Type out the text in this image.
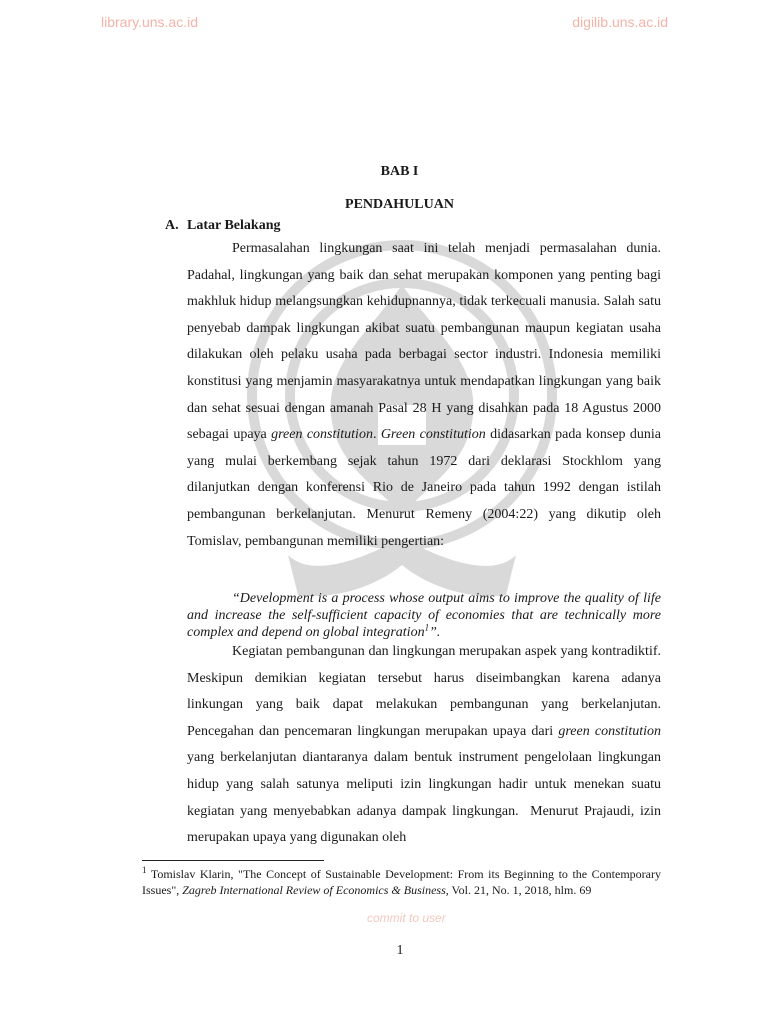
library.uns.ac.id	digilib.uns.ac.id
BAB I
PENDAHULUAN
A. Latar Belakang

Permasalahan lingkungan saat ini telah menjadi permasalahan dunia. Padahal, lingkungan yang baik dan sehat merupakan komponen yang penting bagi makhluk hidup melangsungkan kehidupnannya, tidak terkecuali manusia. Salah satu penyebab dampak lingkungan akibat suatu pembangunan maupun kegiatan usaha dilakukan oleh pelaku usaha pada berbagai sector industri. Indonesia memiliki konstitusi yang menjamin masyarakatnya untuk mendapatkan lingkungan yang baik dan sehat sesuai dengan amanah Pasal 28 H yang disahkan pada 18 Agustus 2000 sebagai upaya green constitution. Green constitution didasarkan pada konsep dunia yang mulai berkembang sejak tahun 1972 dari deklarasi Stockhlom yang dilanjutkan dengan konferensi Rio de Janeiro pada tahun 1992 dengan istilah pembangunan berkelanjutan. Menurut Remeny (2004:22) yang dikutip oleh Tomislav, pembangunan memiliki pengertian:

“Development is a process whose output aims to improve the quality of life and increase the self-sufficient capacity of economies that are technically more complex and depend on global integration$^1$”.

Kegiatan pembangunan dan lingkungan merupakan aspek yang kontradiktif. Meskipun demikian kegiatan tersebut harus diseimbangkan karena adanya linkungan yang baik dapat melakukan pembangunan yang berkelanjutan. Pencegahan dan pencemaran lingkungan merupakan upaya dari green constitution yang berkelanjutan diantaranya dalam bentuk instrument pengelolaan lingkungan hidup yang salah satunya meliputi izin lingkungan hadir untuk menekan suatu kegiatan yang menyebabkan adanya dampak lingkungan.  Menurut Prajaudi, izin merupakan upaya yang digunakan oleh

$^1$ Tomislav Klarin, "The Concept of Sustainable Development: From its Beginning to the Contemporary Issues", Zagreb International Review of Economics & Business, Vol. 21, No. 1, 2018, hlm. 69

commit to user
1
